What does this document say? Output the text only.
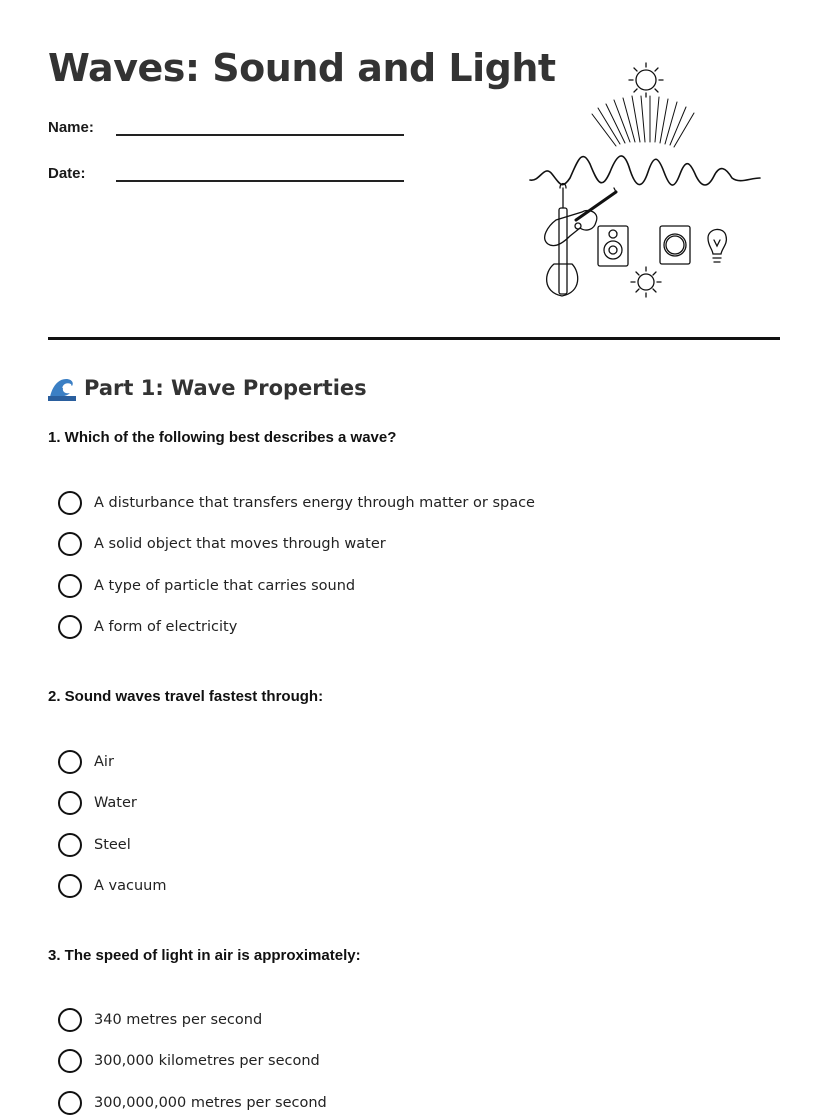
Waves: Sound and Light
Name:
Date:
Part 1: Wave Properties
1. Which of the following best describes a wave?
A disturbance that transfers energy through matter or space
A solid object that moves through water
A type of particle that carries sound
A form of electricity
2. Sound waves travel fastest through:
Air
Water
Steel
A vacuum
3. The speed of light in air is approximately:
340 metres per second
300,000 kilometres per second
300,000,000 metres per second
